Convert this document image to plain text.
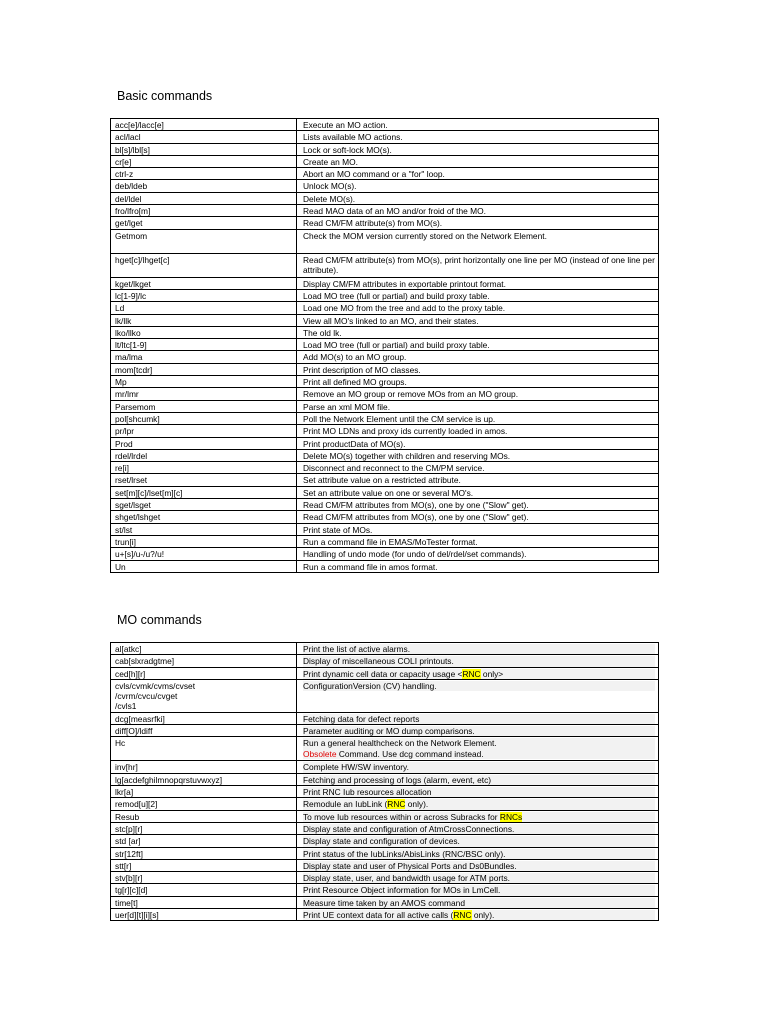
Basic commands
acc[e]/lacc[e]	Execute an MO action.
acl/lacl	Lists available MO actions.
bl[s]/lbl[s]	Lock or soft-lock MO(s).
cr[e]	Create an MO.
ctrl-z	Abort an MO command or a "for" loop.
deb/ldeb	Unlock MO(s).
del/ldel	Delete MO(s).
fro/lfro[m]	Read MAO data of an MO and/or froid of the MO.
get/lget	Read CM/FM attribute(s) from MO(s).
Getmom	Check the MOM version currently stored on the Network Element.
hget[c]/lhget[c]	Read CM/FM attribute(s) from MO(s), print horizontally one line per MO (instead of one line per attribute).
kget/lkget	Display CM/FM attributes in exportable printout format.
lc[1-9]/lc	Load MO tree (full or partial) and build proxy table.
Ld	Load one MO from the tree and add to the proxy table.
lk/llk	View all MO's linked to an MO, and their states.
lko/llko	The old lk.
lt/ltc[1-9]	Load MO tree (full or partial) and build proxy table.
ma/lma	Add MO(s) to an MO group.
mom[tcdr]	Print description of MO classes.
Mp	Print all defined MO groups.
mr/lmr	Remove an MO group or remove MOs from an MO group.
Parsemom	Parse an xml MOM file.
pol[shcumk]	Poll the Network Element until the CM service is up.
pr/lpr	Print MO LDNs and proxy ids currently loaded in amos.
Prod	Print productData of MO(s).
rdel/lrdel	Delete MO(s) together with children and reserving MOs.
re[i]	Disconnect and reconnect to the CM/PM service.
rset/lrset	Set attribute value on a restricted attribute.
set[m][c]/lset[m][c]	Set an attribute value on one or several MO's.
sget/lsget	Read CM/FM attributes from MO(s), one by one ("Slow" get).
shget/lshget	Read CM/FM attributes from MO(s), one by one ("Slow" get).
st/lst	Print state of MOs.
trun[i]	Run a command file in EMAS/MoTester format.
u+[s]/u-/u?/u!	Handling of undo mode (for undo of del/rdel/set commands).
Un	Run a command file in amos format.
MO commands
al[atkc]	Print the list of active alarms.

cab[slxradgtme]	Display of miscellaneous COLI printouts.

ced[h][r]	Print dynamic cell data or capacity usage <RNC only>

cvls/cvmk/cvms/cvset
/cvrm/cvcu/cvget
/cvls1	ConfigurationVersion (CV) handling.

dcg[measrfki]	Fetching data for defect reports

diff[O]/ldiff	Parameter auditing or MO dump comparisons.

Hc	Run a general healthcheck on the Network Element.
Obsolete Command. Use dcg command instead.

inv[hr]	Complete HW/SW inventory.

lg[acdefghilmnopqrstuvwxyz]	Fetching and processing of logs (alarm, event, etc)

lkr[a]	Print RNC Iub resources allocation

remod[u][2]	Remodule an IubLink (RNC only).

Resub	To move Iub resources within or across Subracks for RNCs

stc[p][r]	Display state and configuration of AtmCrossConnections.

std [ar]	Display state and configuration of devices.

str[12ft]	Print status of the IubLinks/AbisLinks (RNC/BSC only).

stt[r]	Display state and user of Physical Ports and Ds0Bundles.

stv[b][r]	Display state, user, and bandwidth usage for ATM ports.

tg[r][c][d]	Print Resource Object information for MOs in LmCell.

time[t]	Measure time taken by an AMOS command

uer[d][t][i][s]	Print UE context data for all active calls (RNC only).
